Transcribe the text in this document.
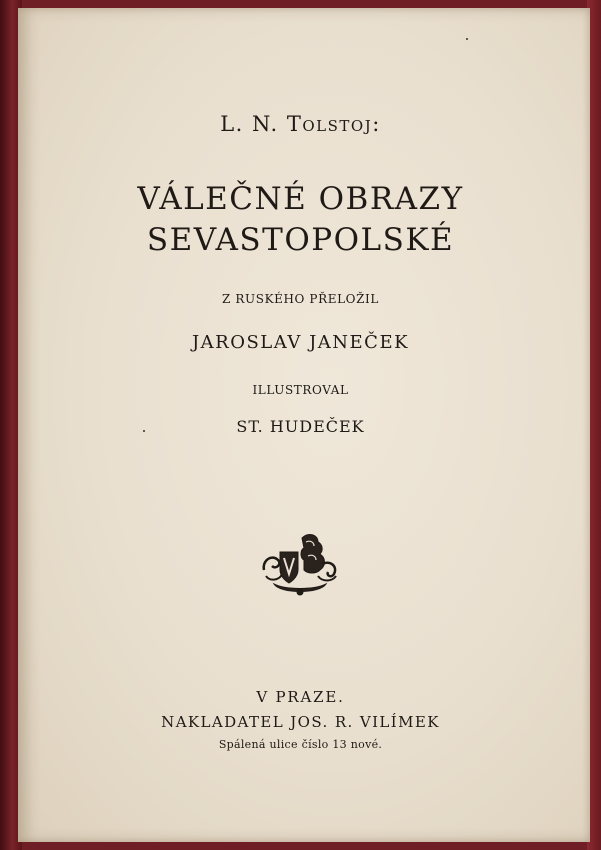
L. N. Tolstoj:
VÁLEČNÉ OBRAZY
SEVASTOPOLSKÉ
Z RUSKÉHO PŘELOŽIL
JAROSLAV JANEČEK
ILLUSTROVAL
ST. HUDEČEK
V PRAZE.
NAKLADATEL JOS. R. VILÍMEK
Spálená ulice číslo 13 nové.
